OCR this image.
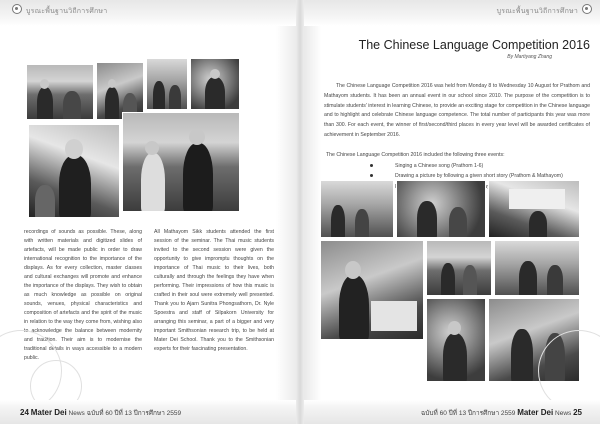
บูรณะพื้นฐานวิถีการศึกษา
recordings of sounds as possible. These, along with written materials and digitized slides of artefacts, will be made public in order to draw international recognition to the importance of the displays. As for every collection, master classes and cultural exchanges will promote and enhance the importance of the displays. They wish to obtain as much knowledge as possible on original sounds, venues, physical characteristics and composition of artefacts and the spirit of the music in relation to the way they come from, wishing also to acknowledge the balance between modernity and tradition. Their aim is to modernise the traditional details in ways accessible to a modern public.
All Mathayom Sikk students attended the first session of the seminar. The Thai music students invited to the second session were given the opportunity to give impromptu thoughts on the importance of Thai music to their lives, both culturally and through the feelings they have when performing. Their impressions of how this music is crafted in their soul were extremely well presented. Thank you to Ajarn Sunitra Phongsathorn, Dr. Nyle Spoestra and staff of Silpakorn University for arranging this seminar, a part of a bigger and very important Smithsonian research trip, to be held at Mater Dei School. Thank you to the Smithsonian experts for their fascinating presentation.
24 Mater Dei News ฉบับที่ 60 ปีที่ 13 ปีการศึกษา 2559
บูรณะพื้นฐานวิถีการศึกษา
The Chinese Language Competition 2016
By Martiyang Zhang
The Chinese Language Competition 2016 was held from Monday 8 to Wednesday 10 August for Prathom and Mathayom students. It has been an annual event in our school since 2010. The purpose of the competition is to stimulate students' interest in learning Chinese, to provide an exciting stage for competition in the Chinese language and to highlight and celebrate Chinese language competence. The total number of participants this year was more than 300. For each event, the winner of first/second/third places in every year level will be awarded certificates of achievement in September 2016.
The Chinese Language Competition 2016 included the following three events:
Singing a Chinese song (Prathom 1-6)
Drawing a picture by following a given short story (Prathom & Mathayom)
ฉบับที่ 60 ปีที่ 13 ปีการศึกษา 2559 Mater Dei News 25
